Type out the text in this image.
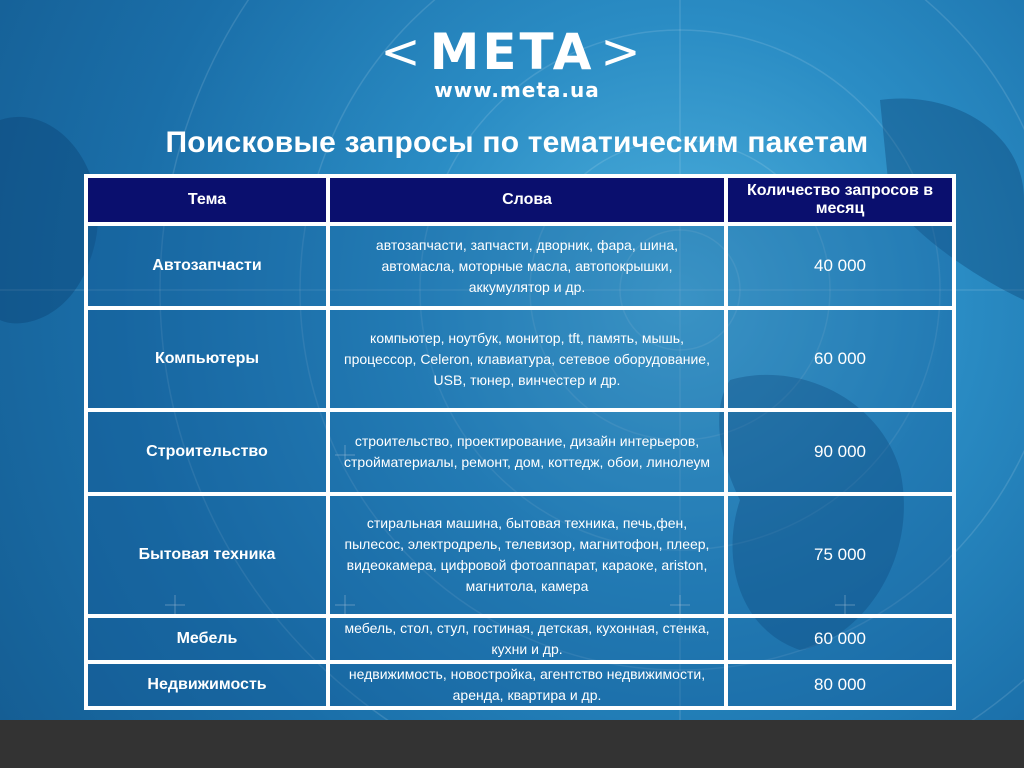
< META >
www.meta.ua
Поисковые запросы по тематическим пакетам
Тема	Слова	Количество запросов в месяц
Автозапчасти	автозапчасти, запчасти, дворник, фара, шина, автомасла, моторные масла, автопокрышки, аккумулятор и др.	40 000
Компьютеры	компьютер, ноутбук, монитор, tft, память, мышь, процессор, Celeron, клавиатура, сетевое оборудование, USB, тюнер, винчестер и др.	60 000
Строительство	строительство, проектирование, дизайн интерьеров, стройматериалы, ремонт, дом, коттедж, обои, линолеум	90 000
Бытовая техника	стиральная машина, бытовая техника, печь,фен, пылесос, электродрель, телевизор, магнитофон, плеер, видеокамера, цифровой фотоаппарат, караоке, ariston, магнитола, камера	75 000
Мебель	мебель, стол, стул, гостиная, детская, кухонная, стенка, кухни и др.	60 000
Недвижимость	недвижимость, новостройка, агентство недвижимости, аренда, квартира и др.	80 000
